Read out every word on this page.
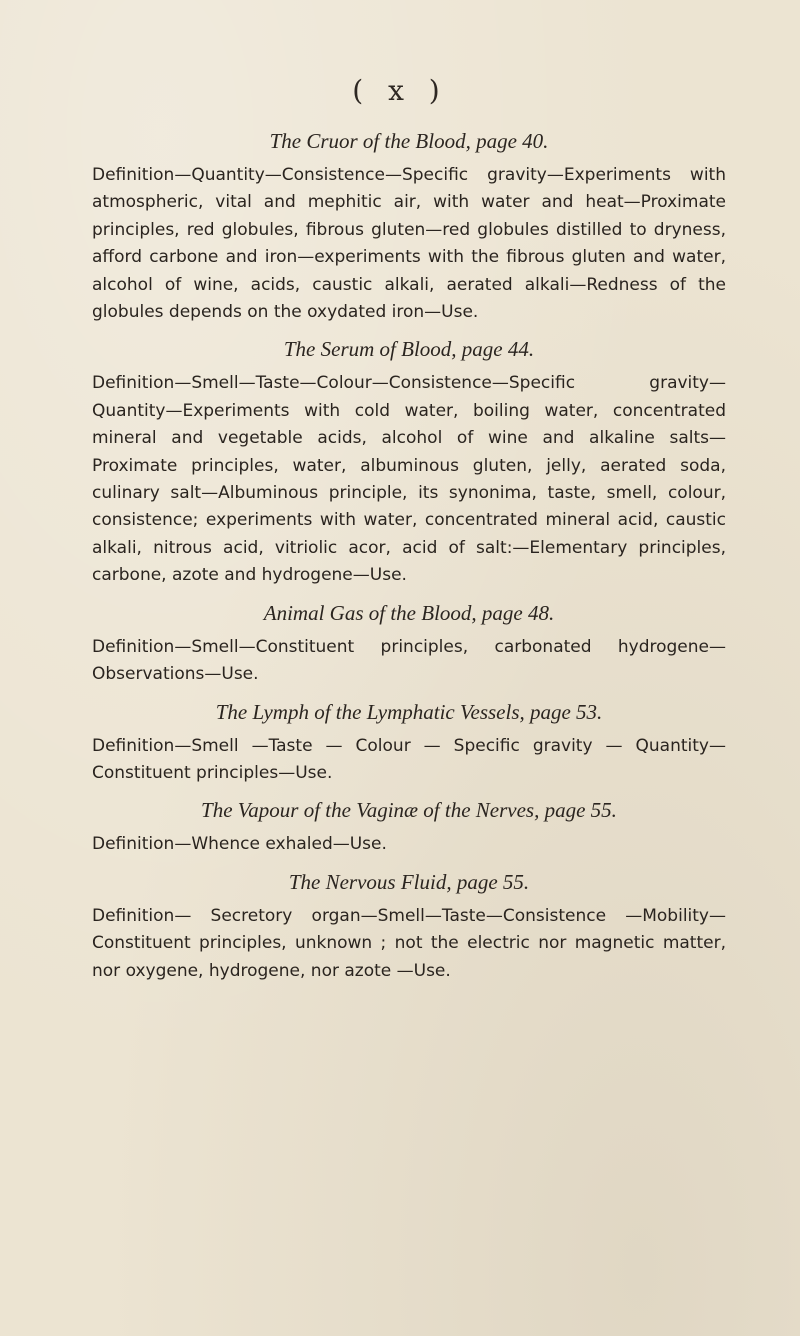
( x )

The Cruor of the Blood, page 40.

Definition—Quantity—Consistence—Specific gravity—Experiments with atmospheric, vital and mephitic air, with water and heat—Proximate principles, red globules, fibrous gluten—red globules distilled to dryness, afford carbone and iron—experiments with the fibrous gluten and water, alcohol of wine, acids, caustic alkali, aerated alkali—Redness of the globules depends on the oxydated iron—Use.

The Serum of Blood, page 44.

Definition—Smell—Taste—Colour—Consistence—Specific gravity—Quantity—Experiments with cold water, boiling water, concentrated mineral and vegetable acids, alcohol of wine and alkaline salts—Proximate principles, water, albuminous gluten, jelly, aerated soda, culinary salt—Albuminous principle, its synonima, taste, smell, colour, consistence; experiments with water, concentrated mineral acid, caustic alkali, nitrous acid, vitriolic acor, acid of salt:—Elementary principles, carbone, azote and hydrogene—Use.

Animal Gas of the Blood, page 48.

Definition—Smell—Constituent principles, carbonated hydrogene—Observations—Use.

The Lymph of the Lymphatic Vessels, page 53.

Definition—Smell —Taste — Colour — Specific gravity — Quantity—Constituent principles—Use.

The Vapour of the Vaginæ of the Nerves, page 55.

Definition—Whence exhaled—Use.

The Nervous Fluid, page 55.

Definition— Secretory organ—Smell—Taste—Consistence —Mobility—Constituent principles, unknown ; not the electric nor magnetic matter, nor oxygene, hydrogene, nor azote —Use.
